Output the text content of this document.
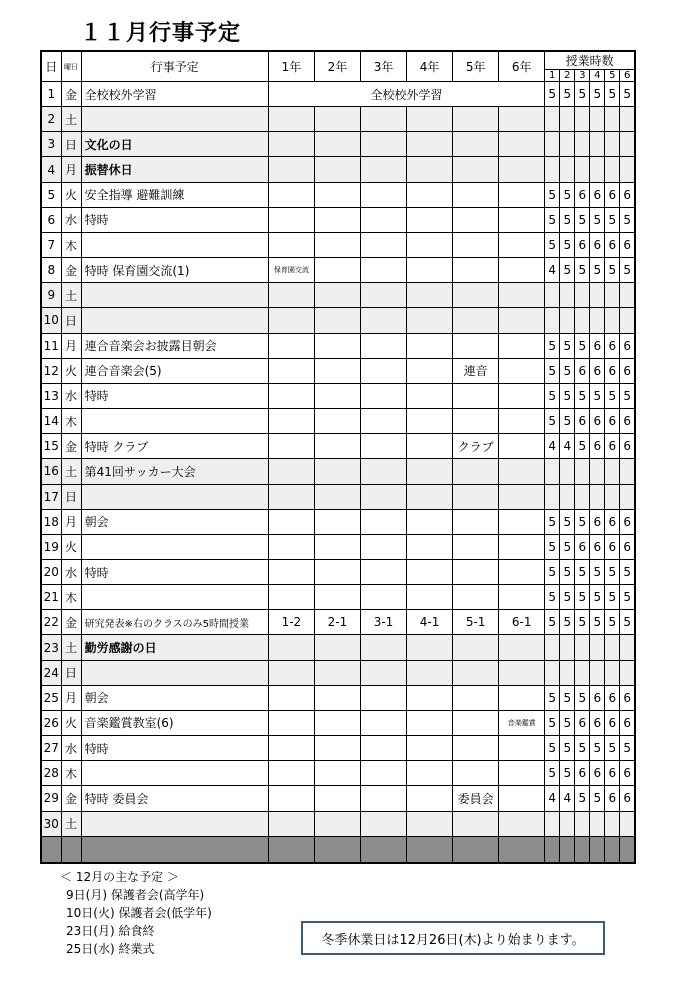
１１月行事予定
日	曜日	行事予定	1年	2年	3年	4年	5年	6年	授業時数					
									1	2	3	4	5	6
1	金	全校校外学習	全校校外学習						5	5	5	5	5	5
2	土													
3	日	文化の日												
4	月	振替休日												
5	火	安全指導 避難訓練							5	5	6	6	6	6
6	水	特時							5	5	5	5	5	5
7	木								5	5	6	6	6	6
8	金	特時 保育園交流(1)	保育園交流						4	5	5	5	5	5
9	土													
10	日													
11	月	連合音楽会お披露目朝会							5	5	5	6	6	6
12	火	連合音楽会(5)					連音		5	5	6	6	6	6
13	水	特時							5	5	5	5	5	5
14	木								5	5	6	6	6	6
15	金	特時 クラブ					クラブ		4	4	5	6	6	6
16	土	第41回サッカー大会												
17	日													
18	月	朝会							5	5	5	6	6	6
19	火								5	5	6	6	6	6
20	水	特時							5	5	5	5	5	5
21	木								5	5	5	5	5	5
22	金	研究発表※右のクラスのみ5時間授業	1-2	2-1	3-1	4-1	5-1	6-1	5	5	5	5	5	5
23	土	勤労感謝の日												
24	日													
25	月	朝会							5	5	5	6	6	6
26	火	音楽鑑賞教室(6)						音楽鑑賞	5	5	6	6	6	6
27	水	特時							5	5	5	5	5	5
28	木								5	5	6	6	6	6
29	金	特時 委員会					委員会		4	4	5	5	6	6
30	土													

＜ 12月の主な予定 ＞
9日(月) 保護者会(高学年)
10日(火) 保護者会(低学年)
23日(月) 給食終
25日(水) 終業式
冬季休業日は12月26日(木)より始まります。
